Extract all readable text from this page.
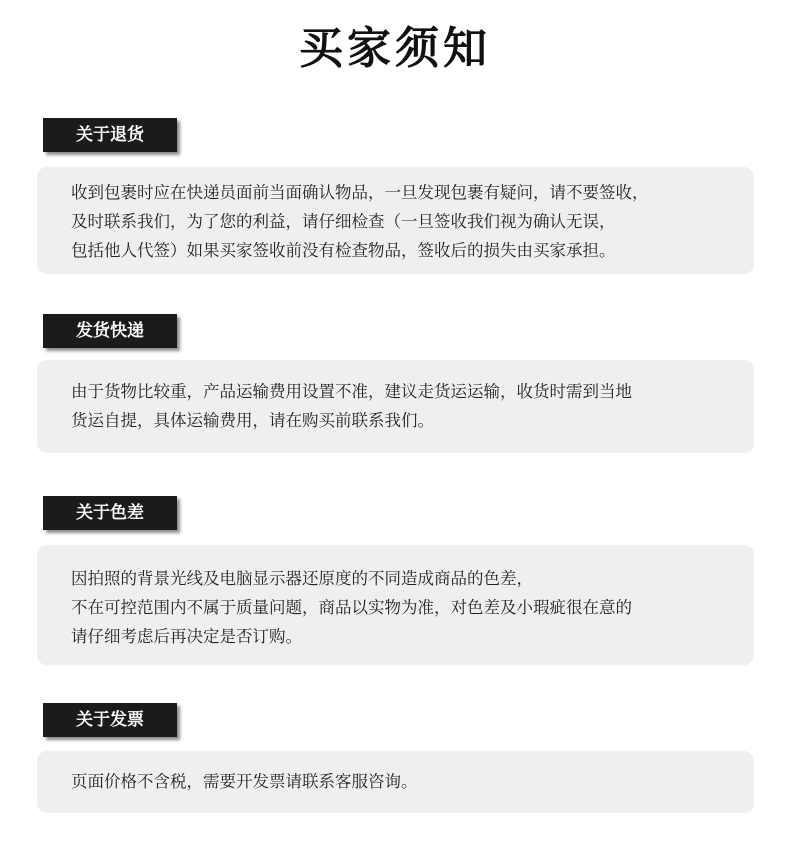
买家须知
关于退货

收到包裹时应在快递员面前当面确认物品，一旦发现包裹有疑问，请不要签收，

及时联系我们，为了您的利益，请仔细检查（一旦签收我们视为确认无误，

包括他人代签）如果买家签收前没有检查物品，签收后的损失由买家承担。

发货快递

由于货物比较重，产品运输费用设置不准，建议走货运运输，收货时需到当地

货运自提，具体运输费用，请在购买前联系我们。

关于色差

因拍照的背景光线及电脑显示器还原度的不同造成商品的色差，

不在可控范围内不属于质量问题，商品以实物为准，对色差及小瑕疵很在意的

请仔细考虑后再决定是否订购。

关于发票

页面价格不含税，需要开发票请联系客服咨询。
